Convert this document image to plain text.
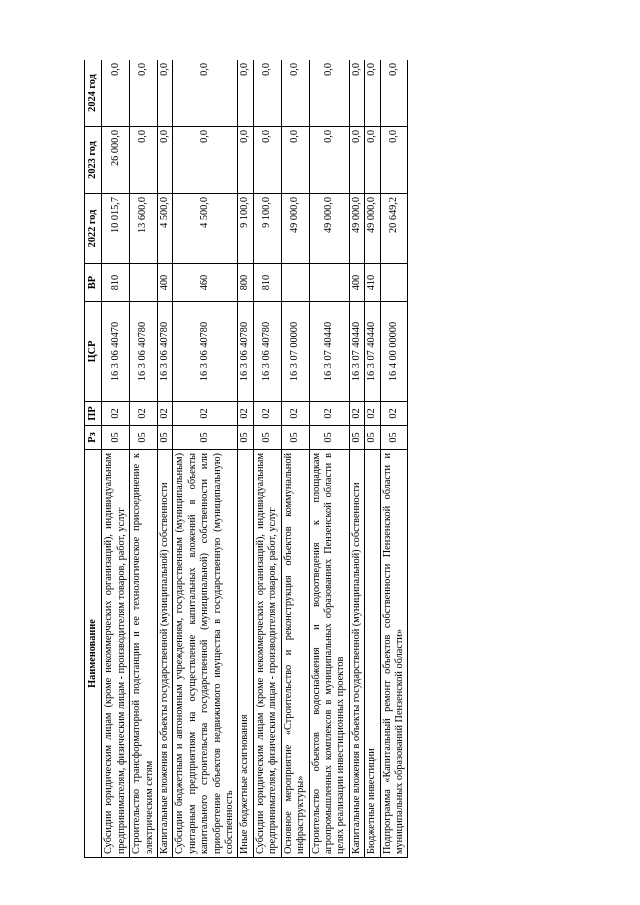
Наименование	Рз	ПР	ЦСР	ВР	2022 год	2023 год	2024 год
Субсидии юридическим лицам (кроме некоммерческих организаций), индивидуальным предпринимателям, физическим лицам - производителям товаров, работ, услуг	05	02	16 3 06 40470	810	10 015,7	26 000,0	0,0
Строительство трансформаторной подстанции и ее технологическое присоединение к электрическим сетям	05	02	16 3 06 40780		13 600,0	0,0	0,0
Капитальные вложения в объекты государственной (муниципальной) собственности	05	02	16 3 06 40780	400	4 500,0	0,0	0,0
Субсидии бюджетным и автономным учреждениям, государственным (муниципальным) унитарным предприятиям на осуществление капитальных вложений в объекты капитального строительства государственной (муниципальной) собственности или приобретение объектов недвижимого имущества в государственную (муниципальную) собственность	05	02	16 3 06 40780	460	4 500,0	0,0	0,0
Иные бюджетные ассигнования	05	02	16 3 06 40780	800	9 100,0	0,0	0,0
Субсидии юридическим лицам (кроме некоммерческих организаций), индивидуальным предпринимателям, физическим лицам - производителям товаров, работ, услуг	05	02	16 3 06 40780	810	9 100,0	0,0	0,0
Основное мероприятие «Строительство и реконструкция объектов коммунальной инфраструктуры»	05	02	16 3 07 00000		49 000,0	0,0	0,0
Строительство объектов водоснабжения и водоотведения к площадкам агропромышленных комплексов в муниципальных образованиях Пензенской области в целях реализации инвестиционных проектов	05	02	16 3 07 40440		49 000,0	0,0	0,0
Капитальные вложения в объекты государственной (муниципальной) собственности	05	02	16 3 07 40440	400	49 000,0	0,0	0,0
Бюджетные инвестиции	05	02	16 3 07 40440	410	49 000,0	0,0	0,0
Подпрограмма «Капитальный ремонт объектов собственности Пензенской области и муниципальных образований Пензенской области»	05	02	16 4 00 00000		20 649,2	0,0	0,0
